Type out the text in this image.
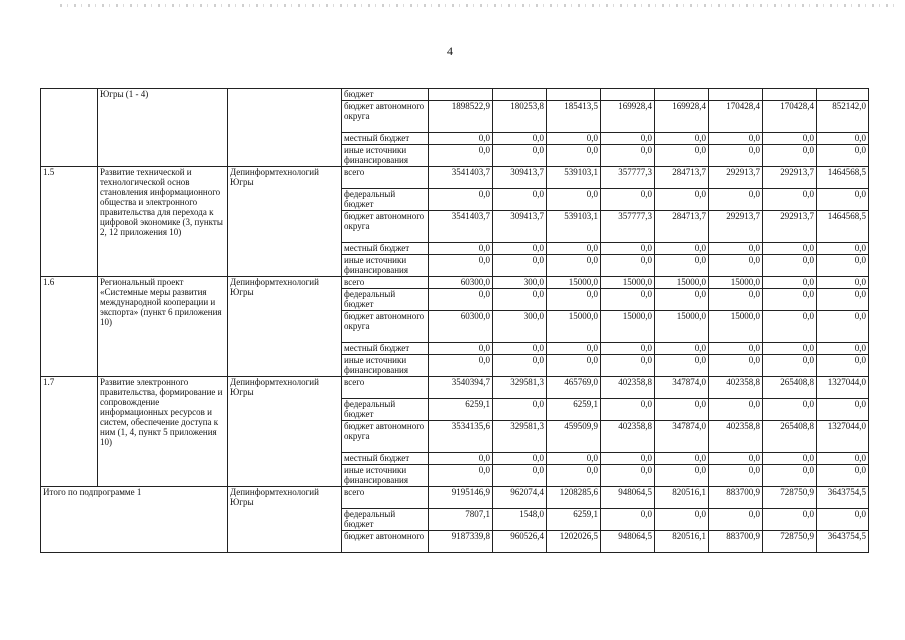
4
	Югры (1 - 4)		бюджет								
			бюджет автономного округа	1898522,9	180253,8	185413,5	169928,4	169928,4	170428,4	170428,4	852142,0
			местный бюджет	0,0	0,0	0,0	0,0	0,0	0,0	0,0	0,0
			иные источники финансирования	0,0	0,0	0,0	0,0	0,0	0,0	0,0	0,0
1.5	Развитие технической и технологической основ становления информационного общества и электронного правительства для перехода к цифровой экономике (3, пункты 2, 12 приложения 10)	Депинформтехнологий Югры	всего	3541403,7	309413,7	539103,1	357777,3	284713,7	292913,7	292913,7	1464568,5
			федеральный бюджет	0,0	0,0	0,0	0,0	0,0	0,0	0,0	0,0
			бюджет автономного округа	3541403,7	309413,7	539103,1	357777,3	284713,7	292913,7	292913,7	1464568,5
			местный бюджет	0,0	0,0	0,0	0,0	0,0	0,0	0,0	0,0
			иные источники финансирования	0,0	0,0	0,0	0,0	0,0	0,0	0,0	0,0
1.6	Региональный проект «Системные меры развития международной кооперации и экспорта» (пункт 6 приложения 10)	Депинформтехнологий Югры	всего	60300,0	300,0	15000,0	15000,0	15000,0	15000,0	0,0	0,0
			федеральный бюджет	0,0	0,0	0,0	0,0	0,0	0,0	0,0	0,0
			бюджет автономного округа	60300,0	300,0	15000,0	15000,0	15000,0	15000,0	0,0	0,0
			местный бюджет	0,0	0,0	0,0	0,0	0,0	0,0	0,0	0,0
			иные источники финансирования	0,0	0,0	0,0	0,0	0,0	0,0	0,0	0,0
1.7	Развитие электронного правительства, формирование и сопровождение информационных ресурсов и систем, обеспечение доступа к ним (1, 4, пункт 5 приложения 10)	Депинформтехнологий Югры	всего	3540394,7	329581,3	465769,0	402358,8	347874,0	402358,8	265408,8	1327044,0
			федеральный бюджет	6259,1	0,0	6259,1	0,0	0,0	0,0	0,0	0,0
			бюджет автономного округа	3534135,6	329581,3	459509,9	402358,8	347874,0	402358,8	265408,8	1327044,0
			местный бюджет	0,0	0,0	0,0	0,0	0,0	0,0	0,0	0,0
			иные источники финансирования	0,0	0,0	0,0	0,0	0,0	0,0	0,0	0,0
Итого по подпрограмме 1		Депинформтехнологий Югры	всего	9195146,9	962074,4	1208285,6	948064,5	820516,1	883700,9	728750,9	3643754,5
			федеральный бюджет	7807,1	1548,0	6259,1	0,0	0,0	0,0	0,0	0,0
			бюджет автономного	9187339,8	960526,4	1202026,5	948064,5	820516,1	883700,9	728750,9	3643754,5
